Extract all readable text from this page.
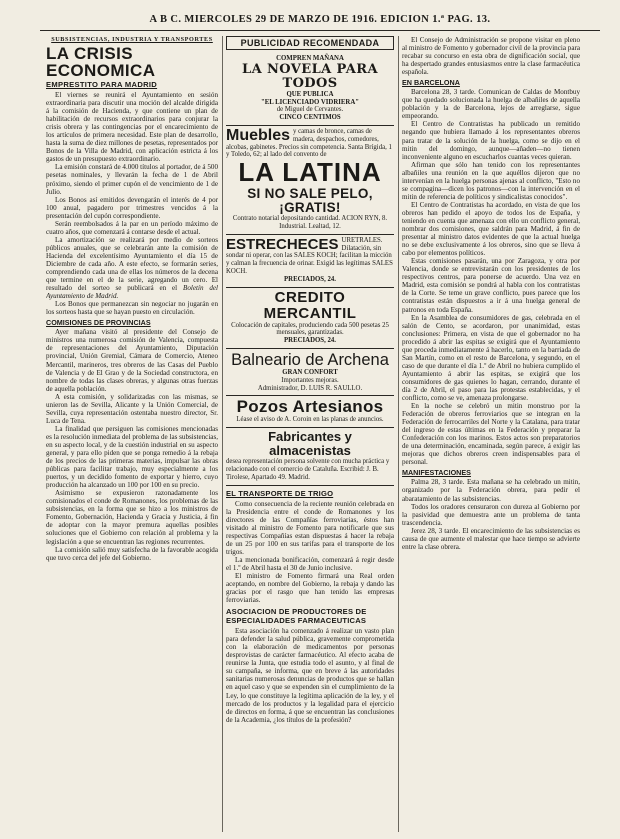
A B C. MIERCOLES 29 DE MARZO DE 1916. EDICION 1.ª PAG. 13.
SUBSISTENCIAS, INDUSTRIA Y TRANSPORTES
LA CRISIS ECONOMICA
EMPRESTITO PARA MADRID

El viernes se reunirá el Ayuntamiento en sesión extraordinaria para discutir una moción del alcalde dirigida á la comisión de Hacienda, y que contiene un plan de habilitación de recursos extraordinarios para conjurar la crisis obrera y las contingencias por el encarecimiento de los artículos de primera necesidad. Este plan de desarrollo, hasta la suma de diez millones de pesetas, representados por Bonos de la Villa de Madrid, con aplicación estricta á los gastos de un presupuesto extraordinario.

La emisión constará de 4.000 títulos al portador, de á 500 pesetas nominales, y llevarán la fecha de 1 de Abril próximo, siendo el primer cupón el de vencimiento de 1 de Julio.

Los Bonos así emitidos devengarán el interés de 4 por 100 anual, pagadero por trimestres vencidos á la presentación del cupón correspondiente.

Serán reembolsados á la par en un período máximo de cuatro años, que comenzará á contarse desde el actual.

La amortización se realizará por medio de sorteos públicos anuales, que se celebrarán ante la comisión de Hacienda del excelentísimo Ayuntamiento el día 15 de Diciembre de cada año. A este efecto, se formarán series, comprendiendo cada una de ellas los números de la decena que termine en el de la serie, agregando un cero. El resultado del sorteo se publicará en el Boletín del Ayuntamiento de Madrid.

Los Bonos que permanezcan sin negociar no jugarán en los sorteos hasta que se hayan puesto en circulación.

COMISIONES DE PROVINCIAS

Ayer mañana visitó al presidente del Consejo de ministros una numerosa comisión de Valencia, compuesta de representaciones del Ayuntamiento, Diputación provincial, Unión Gremial, Cámara de Comercio, Ateneo Mercantil, marineros, tres obreros de las Casas del Pueblo de Valencia y de El Grao y de la Sociedad constructora, en nombre de todas las clases obreras, y algunas otras fuerzas de aquella población.

A esta comisión, y solidarizadas con las mismas, se unieron las de Sevilla, Alicante y la Unión Comercial, de Sevilla, cuya representación ostentaba nuestro director, Sr. Luca de Tena.

La finalidad que persiguen las comisiones mencionadas es la resolución inmediata del problema de las subsistencias, en su aspecto local, y de la cuestión industrial en su aspecto general, y para ello piden que se ponga remedio á la rebaja de los precios de las primeras materias, impulsar las obras públicas para facilitar trabajo, muy especialmente a los puertos, y un decidido fomento de exportar y hierro, cuyo producción ha alcanzado un 100 por 100 en su precio.

Asimismo se expusieron razonadamente los comisionados el conde de Romanones, los problemas de las subsistencias, en la forma que se hizo a los ministros de Fomento, Gobernación, Hacienda y Gracia y Justicia, á fin de adoptar con la mayor premura aquellas posibles soluciones que el Gobierno con relación al problema y la legislación a que se encuentran las regiones recurrentes.

La comisión salió muy satisfecha de la favorable acogida que tuvo cerca del jefe del Gobierno.

PUBLICIDAD RECOMENDADA
COMPREN MAÑANA
LA NOVELA PARA TODOS
QUE PUBLICA
"EL LICENCIADO VIDRIERA"
de Miguel de Cervantes.
CINCO CENTIMOS
Muebles y camas de bronce, camas de madera, despachos, comedores, alcobas, gabinetes. Precios sin competencia. Santa Brígida, 1 y Toledo, 62; al lado del convento de
LA LATINA
SI NO SALE PELO, ¡GRATIS!
Contrato notarial depositando cantidad. ACION RYN, 8. Industrial. Lealtad, 12.
ESTRECHECES URETRALES. Dilatación, sin sondar ni operar, con las SALES KOCH; facilitan la micción y calman la frecuencia de orinar. Exigid las legítimas SALES KOCH.
PRECIADOS, 24.
CREDITO MERCANTIL
Colocación de capitales, produciendo cada 500 pesetas 25 mensuales, garantizadas.
PRECIADOS, 24.
Balneario de Archena
GRAN CONFORT
Importantes mejoras.
Administrador, D. LUIS R. SAULLO.
Pozos Artesianos
Léase el aviso de A. Coroin en las planas de anuncios.
Fabricantes y almacenistas
desea representación persona solvente con mucha práctica y relacionado con el comercio de Cataluña. Escribid: J. B. Tirolese, Apartado 49. Madrid.
EL TRANSPORTE DE TRIGO

Como consecuencia de la reciente reunión celebrada en la Presidencia entre el conde de Romanones y los directores de las Compañías ferroviarias, éstos han visitado al ministro de Fomento para notificarle que sus respectivas Compañías estan dispuestas á hacer la rebaja de un 25 por 100 en sus tarifas para el transporte de los trigos.

La mencionada bonificación, comenzará á regir desde el 1.º de Abril hasta el 30 de Junio inclusive.

El ministro de Fomento firmará una Real orden aceptando, en nombre del Gobierno, la rebaja y dando las gracias por el rasgo que han tenido las empresas ferroviarias.

ASOCIACION DE PRODUCTORES DE ESPECIALIDADES FARMACEUTICAS

Esta asociación ha comenzado á realizar un vasto plan para defender la salud pública, gravemente comprometida con la elaboración de medicamentos por personas desprovistas de carácter farmacéutico. Al efecto acaba de reunirse la Junta, que estudia todo el asunto, y al final de su campaña, se informa, que en breve á las autoridades sanitarias numerosas denuncias de productos que se hallan en aquel caso y que se expenden sin el cumplimiento de la Ley, lo que constituye la legítima aplicación de la ley, y el mercado de los productos y la legalidad para el ejercicio de directos en forma, á que se encuentran las conclusiones de la Academia, ¿los títulos de la profesión?

El Consejo de Administración se propone visitar en pleno al ministro de Fomento y gobernador civil de la provincia para recabar su concurso en esta obra de dignificación social, que ha despertado grandes entusiasmos entre la clase farmacéutica española.

EN BARCELONA

Barcelona 28, 3 tarde. Comunican de Caldas de Montbuy que ha quedado solucionada la huelga de albañiles de aquella población y la de Barcelona, lejos de arreglarse, sigue empeorando.

El Centro de Contratistas ha publicado un remitido negando que hubiera llamado á los representantes obreros para tratar de la solución de la huelga, como se dijo en el mitin del domingo, aunque—añaden—no tienen inconveniente alguno en escucharlos cuantas veces quieran.

Afirman que sólo han tenido con los representantes albañiles una reunión en la que aquéllos dijeron que no intervenían en la huelga personas ajenas al conflicto, "Esto no se compagina—dicen los patronos—con la intervención en el mitin de referencia de políticos y sindicalistas conocidos".

El Centro de Contratistas ha acordado, en vista de que los obreros han pedido el apoyo de todos los de España, y teniendo en cuenta que amenaza con ello un conflicto general, nombrar dos comisiones, que saldrán para Madrid, á fin de presentar al ministro datos evidentes de que la actual huelga no se debe exclusivamente á los obreros, sino que se lleva á cabo por elementos políticos.

Estas comisiones pasarán, una por Zaragoza, y otra por Valencia, donde se entrevistarán con los presidentes de los respectivos centros, para ponerse de acuerdo. Una vez en Madrid, esta comisión se pondrá al habla con los contratistas de la Corte. Se teme un grave conflicto, pues parece que los contratistas están dispuestos a ir á una huelga general de patronos en toda España.

En la Asamblea de consumidores de gas, celebrada en el salón de Cento, se acordaron, por unanimidad, estas conclusiones: Primera, en vista de que el gobernador no ha procedido á abrir las espitas se exigirá que el Ayuntamiento que proceda inmediatamente á hacerlo, tanto en la barriada de San Martín, como en el resto de Barcelona, y segundo, en el caso de que durante el día 1.º de Abril no hubiera cumplido el Ayuntamiento á abrir las espitas, se exigirá que los consumidores de gas quienes lo hagan, cerrando, durante el día 2 de Abril, el paso para las protestas establecidas, y el conflicto, como se ve, amenaza prolongarse.

En la noche se celebró un mitin monstruo por la Federación de obreros ferroviarios que se integran en la Federación de ferrocarriles del Norte y la Catalana, para tratar del ingreso de estas últimas en la Federación y preparar la Confederación con los marinos. Estos actos son preparatorios de una determinación, encaminada, según parece, á exigir las mejoras que dichos obreros creen indispensables para el personal.

MANIFESTACIONES

Palma 28, 3 tarde. Esta mañana se ha celebrado un mitin, organizado por la Federación obrera, para pedir el abaratamiento de las subsistencias.

Todos los oradores censuraron con dureza al Gobierno por la pasividad que demuestra ante un problema de tanta trascendencia.

Jerez 28, 3 tarde. El encarecimiento de las subsistencias es causa de que aumente el malestar que hace tiempo se advierte entre la clase obrera.
